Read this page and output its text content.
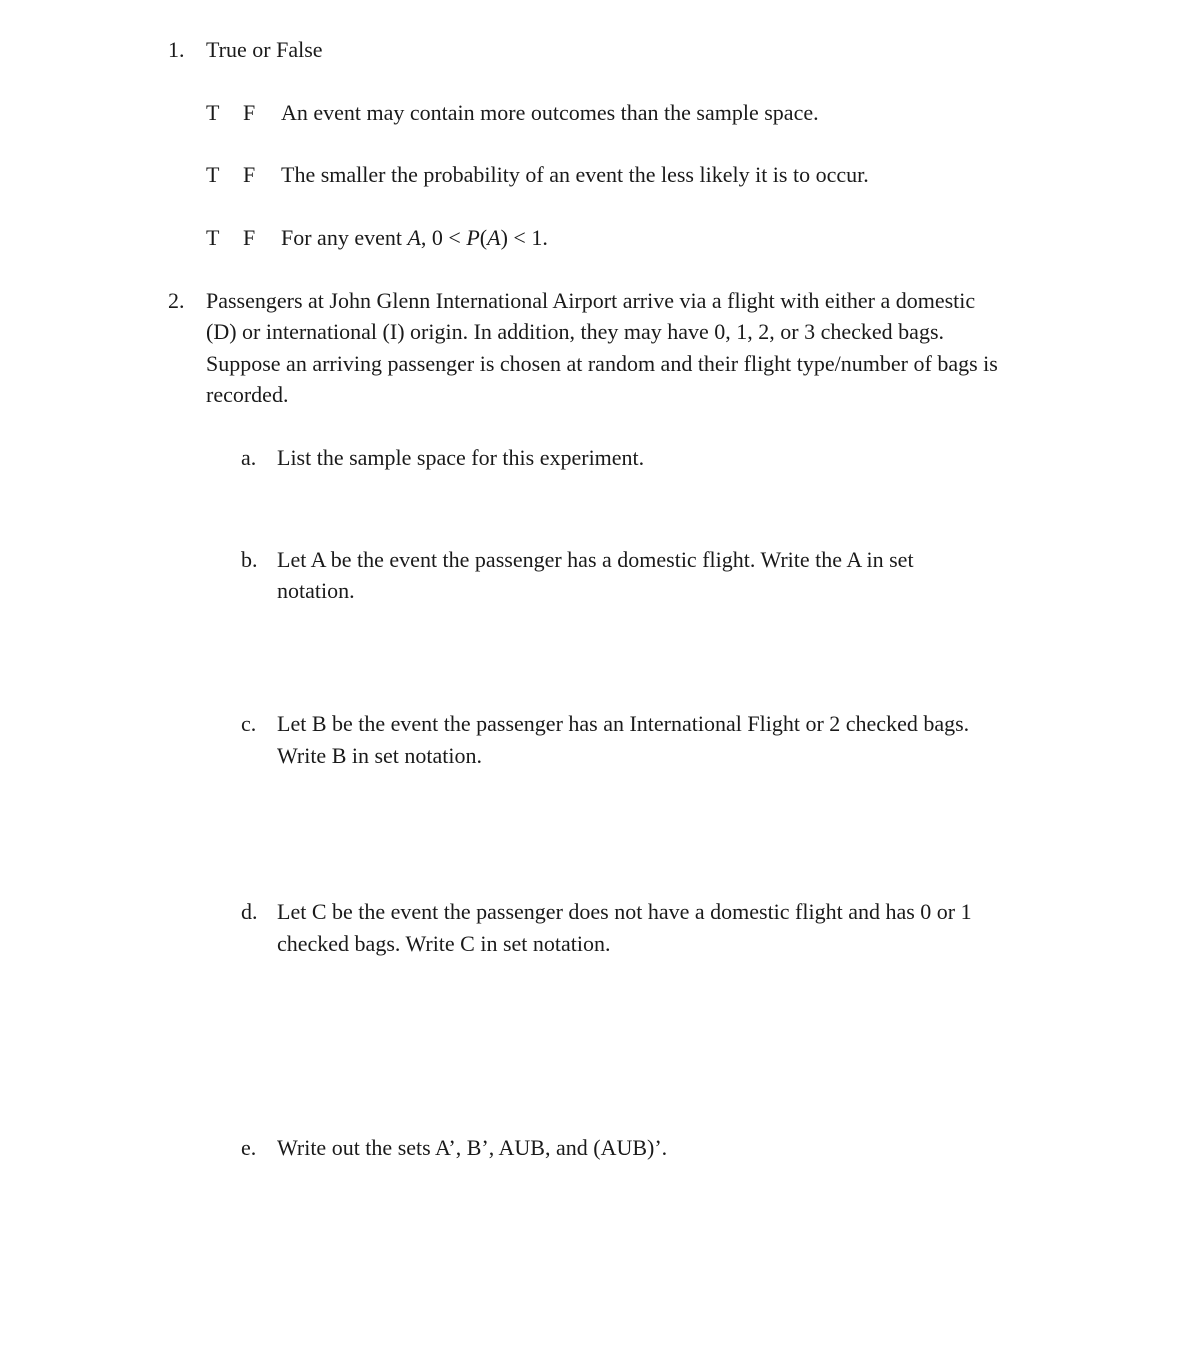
1. True or False
T F An event may contain more outcomes than the sample space.
T F The smaller the probability of an event the less likely it is to occur.
T F For any event A, 0 < P(A) < 1.
2. Passengers at John Glenn International Airport arrive via a flight with either a domestic
(D) or international (I) origin. In addition, they may have 0, 1, 2, or 3 checked bags.
Suppose an arriving passenger is chosen at random and their flight type/number of bags is
recorded.
a. List the sample space for this experiment.
b. Let A be the event the passenger has a domestic flight. Write the A in set
notation.
c. Let B be the event the passenger has an International Flight or 2 checked bags.
Write B in set notation.
d. Let C be the event the passenger does not have a domestic flight and has 0 or 1
checked bags. Write C in set notation.
e. Write out the sets A’, B’, AUB, and (AUB)’.
